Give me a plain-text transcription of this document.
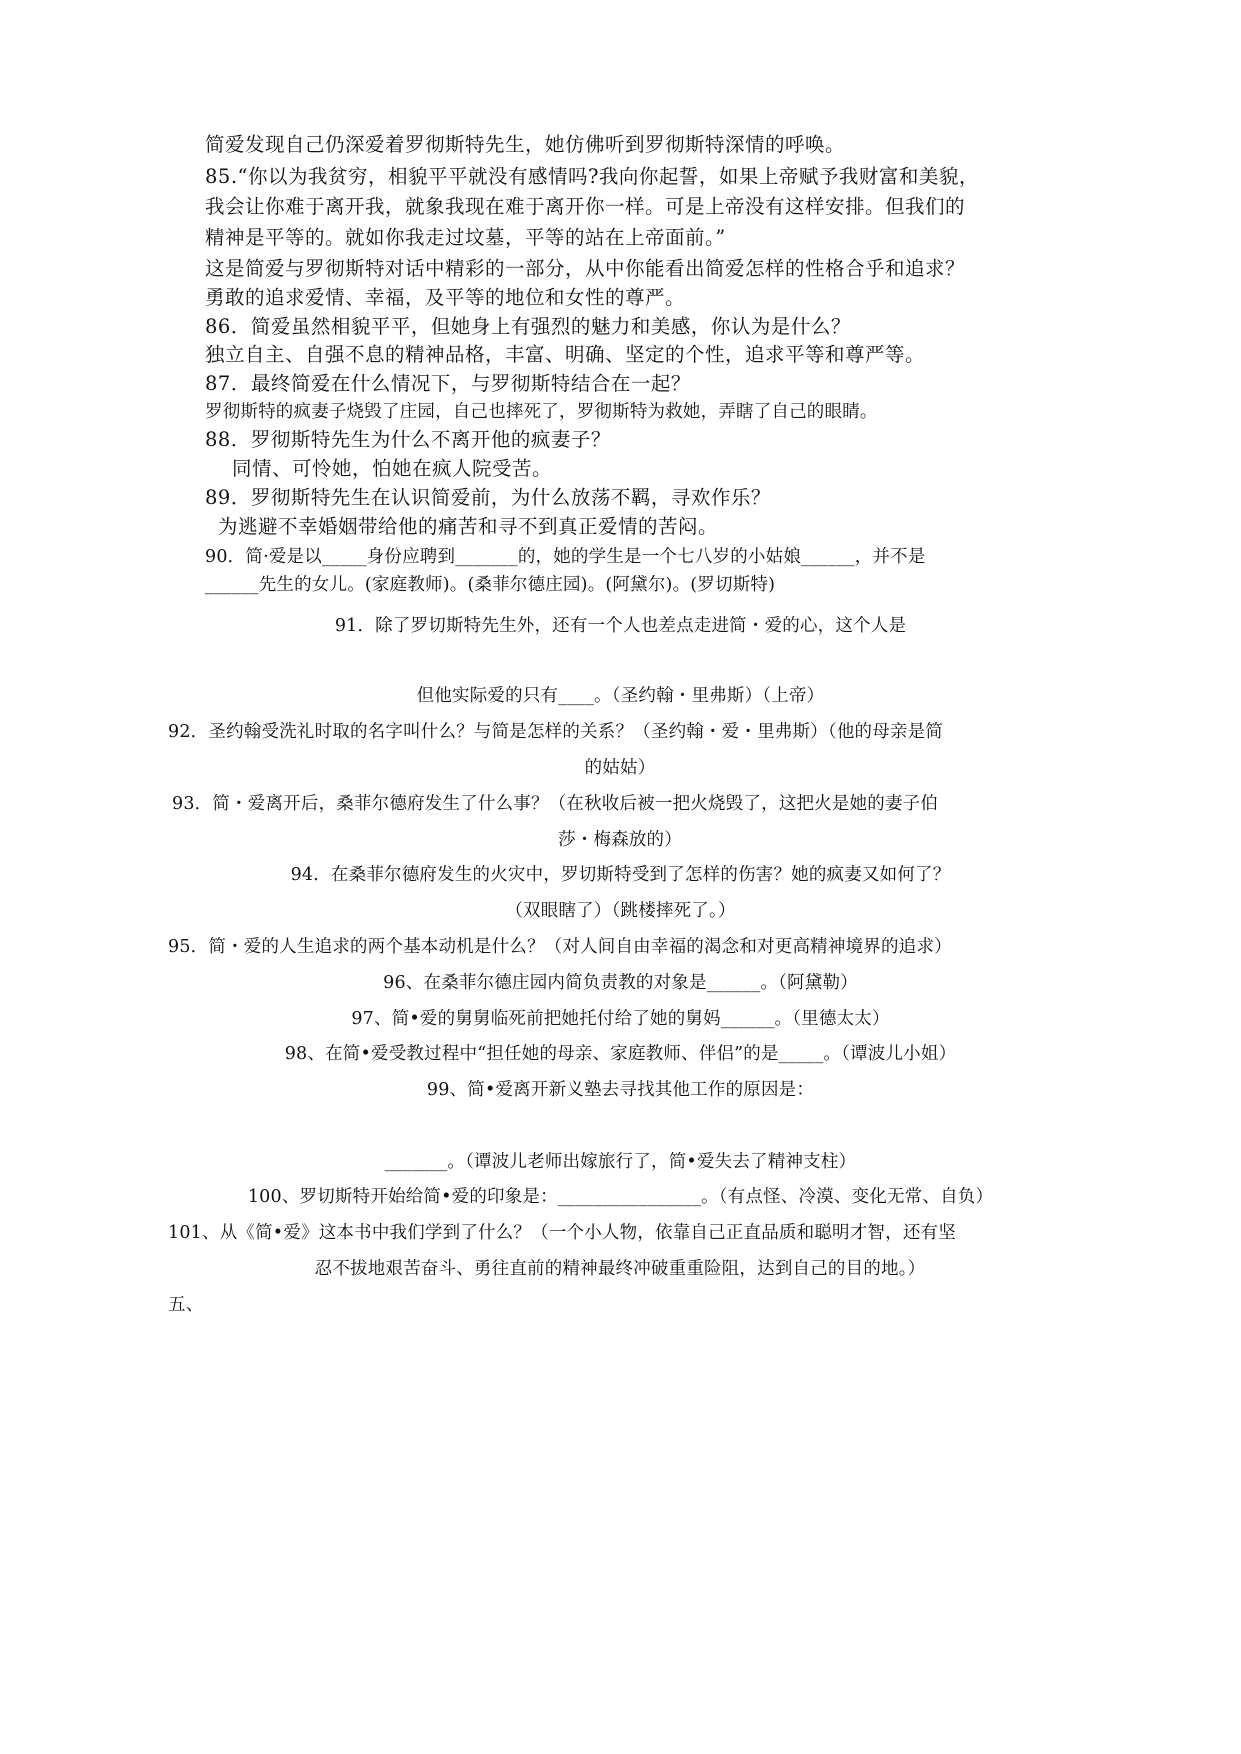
简爱发现自己仍深爱着罗彻斯特先生，她仿佛听到罗彻斯特深情的呼唤。
85.“你以为我贫穷，相貌平平就没有感情吗?我向你起誓，如果上帝赋予我财富和美貌，
我会让你难于离开我，就象我现在难于离开你一样。可是上帝没有这样安排。但我们的
精神是平等的。就如你我走过坟墓，平等的站在上帝面前。”
这是简爱与罗彻斯特对话中精彩的一部分，从中你能看出简爱怎样的性格合乎和追求？
勇敢的追求爱情、幸福，及平等的地位和女性的尊严。
86．简爱虽然相貌平平，但她身上有强烈的魅力和美感，你认为是什么？
独立自主、自强不息的精神品格，丰富、明确、坚定的个性，追求平等和尊严等。
87．最终简爱在什么情况下，与罗彻斯特结合在一起？
罗彻斯特的疯妻子烧毁了庄园，自己也摔死了，罗彻斯特为救她，弄瞎了自己的眼睛。
88．罗彻斯特先生为什么不离开他的疯妻子？
同情、可怜她，怕她在疯人院受苦。
89．罗彻斯特先生在认识简爱前，为什么放荡不羁，寻欢作乐？
为逃避不幸婚姻带给他的痛苦和寻不到真正爱情的苦闷。
90．简·爱是以_____身份应聘到_______的，她的学生是一个七八岁的小姑娘______，并不是
______先生的女儿。(家庭教师)。(桑菲尔德庄园)。(阿黛尔)。(罗切斯特)
91．除了罗切斯特先生外，还有一个人也差点走进简・爱的心，这个人是
但他实际爱的只有____。（圣约翰・里弗斯）（上帝）
92．圣约翰受洗礼时取的名字叫什么？与简是怎样的关系？（圣约翰・爱・里弗斯）（他的母亲是简
的姑姑）
93．简・爱离开后，桑菲尔德府发生了什么事？（在秋收后被一把火烧毁了，这把火是她的妻子伯
莎・梅森放的）
94．在桑菲尔德府发生的火灾中，罗切斯特受到了怎样的伤害？她的疯妻又如何了？
（双眼瞎了）（跳楼摔死了。）
95．简・爱的人生追求的两个基本动机是什么？（对人间自由幸福的渴念和对更高精神境界的追求）
96、在桑菲尔德庄园内简负责教的对象是______。（阿黛勒）
97、简•爱的舅舅临死前把她托付给了她的舅妈______。（里德太太）
98、在简•爱受教过程中“担任她的母亲、家庭教师、伴侣”的是_____。（谭波儿小姐）
99、简•爱离开新义塾去寻找其他工作的原因是：
_______。（谭波儿老师出嫁旅行了，简•爱失去了精神支柱）
100、罗切斯特开始给简•爱的印象是：________________。（有点怪、冷漠、变化无常、自负）
101、从《简•爱》这本书中我们学到了什么？（一个小人物，依靠自己正直品质和聪明才智，还有坚
忍不拔地艰苦奋斗、勇往直前的精神最终冲破重重险阻，达到自己的目的地。）
五、
